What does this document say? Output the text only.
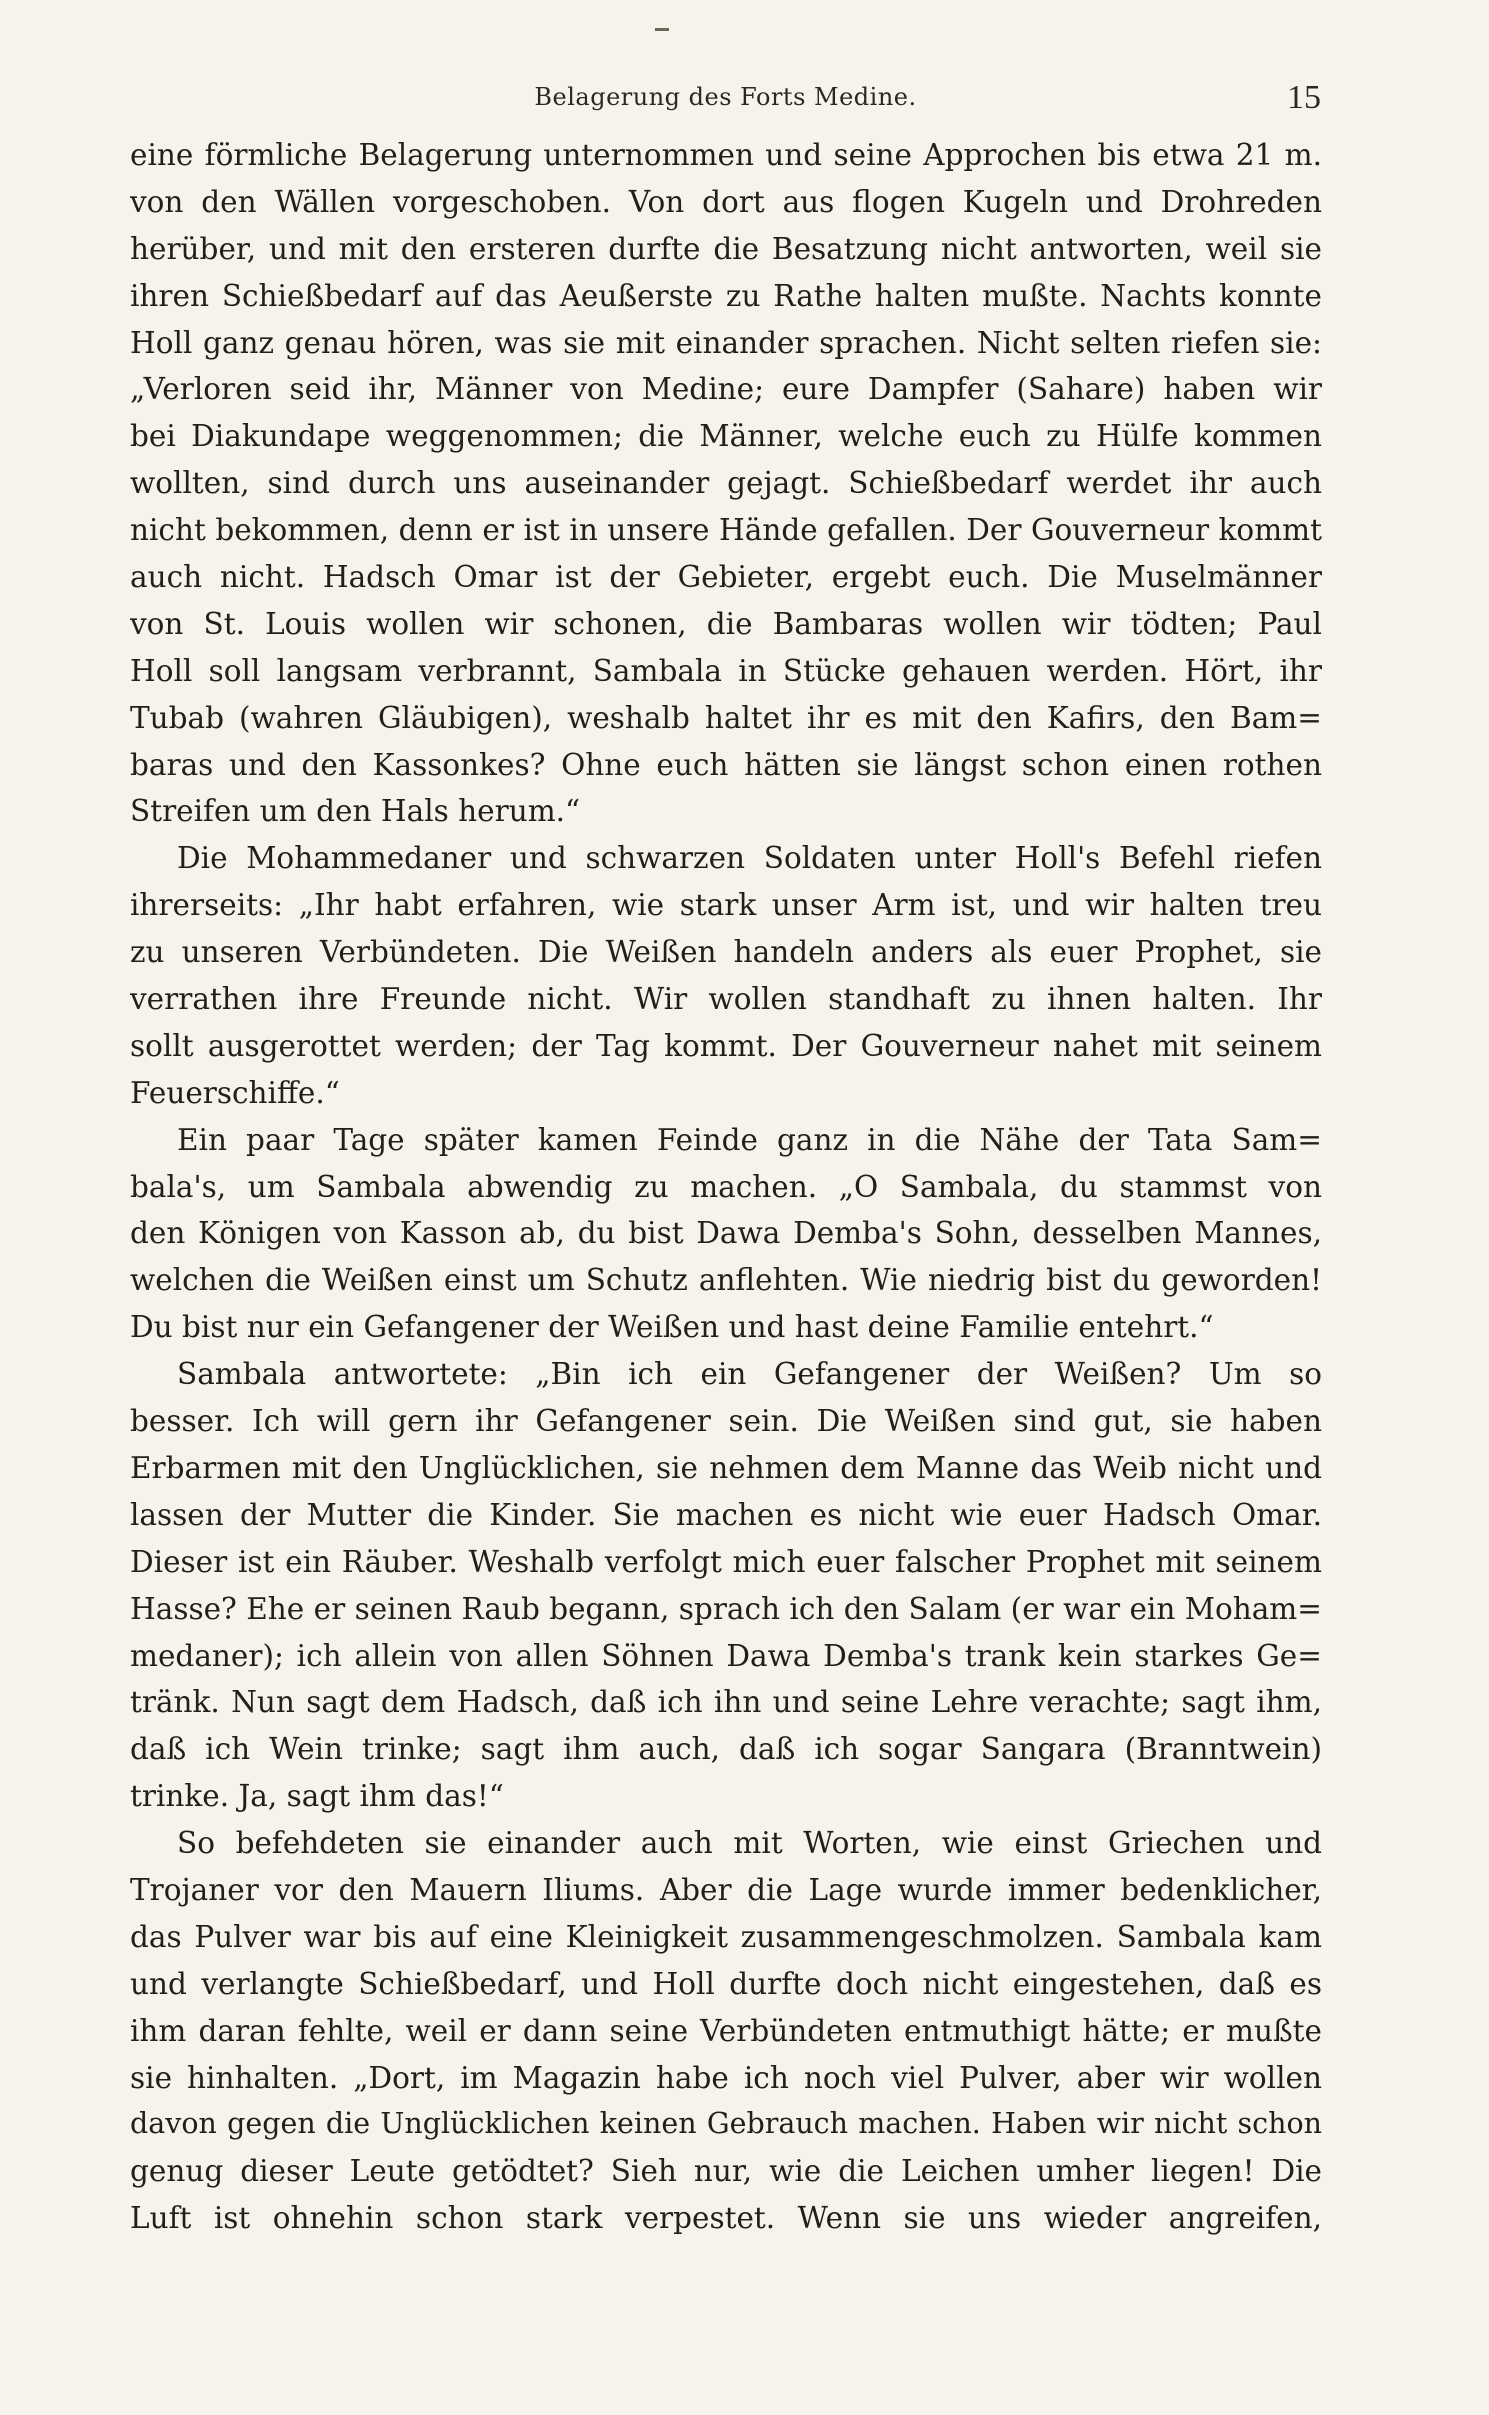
Belagerung des Forts Medine.	15
eine förmliche Belagerung unternommen und seine Approchen bis etwa 21 m.
von den Wällen vorgeschoben. Von dort aus flogen Kugeln und Drohreden
herüber, und mit den ersteren durfte die Besatzung nicht antworten, weil sie
ihren Schießbedarf auf das Aeußerste zu Rathe halten mußte. Nachts konnte
Holl ganz genau hören, was sie mit einander sprachen. Nicht selten riefen sie:
„Verloren seid ihr, Männer von Medine; eure Dampfer (Sahare) haben wir
bei Diakundape weggenommen; die Männer, welche euch zu Hülfe kommen
wollten, sind durch uns auseinander gejagt. Schießbedarf werdet ihr auch
nicht bekommen, denn er ist in unsere Hände gefallen. Der Gouverneur kommt
auch nicht. Hadsch Omar ist der Gebieter, ergebt euch. Die Muselmänner
von St. Louis wollen wir schonen, die Bambaras wollen wir tödten; Paul
Holl soll langsam verbrannt, Sambala in Stücke gehauen werden. Hört, ihr
Tubab (wahren Gläubigen), weshalb haltet ihr es mit den Kafirs, den Bam=
baras und den Kassonkes? Ohne euch hätten sie längst schon einen rothen
Streifen um den Hals herum.“
Die Mohammedaner und schwarzen Soldaten unter Holl's Befehl riefen
ihrerseits: „Ihr habt erfahren, wie stark unser Arm ist, und wir halten treu
zu unseren Verbündeten. Die Weißen handeln anders als euer Prophet, sie
verrathen ihre Freunde nicht. Wir wollen standhaft zu ihnen halten. Ihr
sollt ausgerottet werden; der Tag kommt. Der Gouverneur nahet mit seinem
Feuerschiffe.“
Ein paar Tage später kamen Feinde ganz in die Nähe der Tata Sam=
bala's, um Sambala abwendig zu machen. „O Sambala, du stammst von
den Königen von Kasson ab, du bist Dawa Demba's Sohn, desselben Mannes,
welchen die Weißen einst um Schutz anflehten. Wie niedrig bist du geworden!
Du bist nur ein Gefangener der Weißen und hast deine Familie entehrt.“
Sambala antwortete: „Bin ich ein Gefangener der Weißen? Um so
besser. Ich will gern ihr Gefangener sein. Die Weißen sind gut, sie haben
Erbarmen mit den Unglücklichen, sie nehmen dem Manne das Weib nicht und
lassen der Mutter die Kinder. Sie machen es nicht wie euer Hadsch Omar.
Dieser ist ein Räuber. Weshalb verfolgt mich euer falscher Prophet mit seinem
Hasse? Ehe er seinen Raub begann, sprach ich den Salam (er war ein Moham=
medaner); ich allein von allen Söhnen Dawa Demba's trank kein starkes Ge=
tränk. Nun sagt dem Hadsch, daß ich ihn und seine Lehre verachte; sagt ihm,
daß ich Wein trinke; sagt ihm auch, daß ich sogar Sangara (Branntwein)
trinke. Ja, sagt ihm das!“
So befehdeten sie einander auch mit Worten, wie einst Griechen und
Trojaner vor den Mauern Iliums. Aber die Lage wurde immer bedenklicher,
das Pulver war bis auf eine Kleinigkeit zusammengeschmolzen. Sambala kam
und verlangte Schießbedarf, und Holl durfte doch nicht eingestehen, daß es
ihm daran fehlte, weil er dann seine Verbündeten entmuthigt hätte; er mußte
sie hinhalten. „Dort, im Magazin habe ich noch viel Pulver, aber wir wollen
davon gegen die Unglücklichen keinen Gebrauch machen. Haben wir nicht schon
genug dieser Leute getödtet? Sieh nur, wie die Leichen umher liegen! Die
Luft ist ohnehin schon stark verpestet. Wenn sie uns wieder angreifen,
